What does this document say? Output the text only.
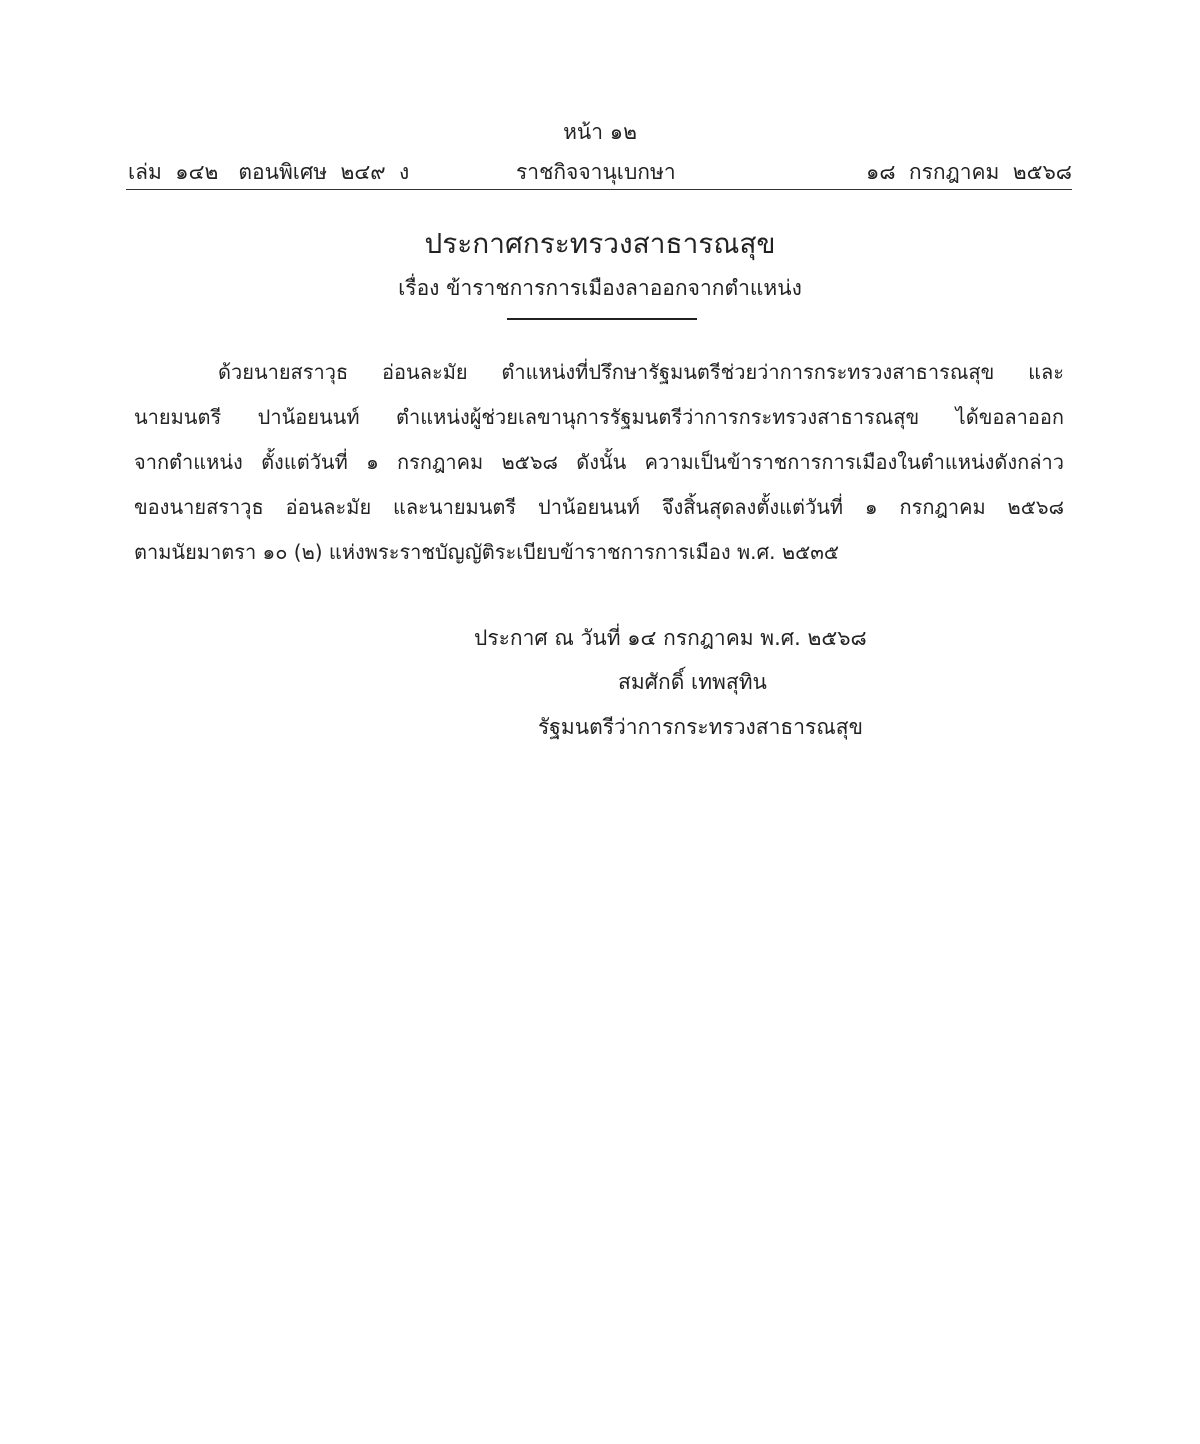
หน้า ๑๒
เล่ม  ๑๔๒   ตอนพิเศษ  ๒๔๙  ง	ราชกิจจานุเบกษา	๑๘  กรกฎาคม  ๒๕๖๘
ประกาศกระทรวงสาธารณสุข
เรื่อง ข้าราชการการเมืองลาออกจากตำแหน่ง
ด้วยนายสราวุธ อ่อนละมัย ตำแหน่งที่ปรึกษารัฐมนตรีช่วยว่าการกระทรวงสาธารณสุข และ
นายมนตรี ปาน้อยนนท์ ตำแหน่งผู้ช่วยเลขานุการรัฐมนตรีว่าการกระทรวงสาธารณสุข ได้ขอลาออก
จากตำแหน่ง ตั้งแต่วันที่ ๑ กรกฎาคม ๒๕๖๘ ดังนั้น ความเป็นข้าราชการการเมืองในตำแหน่งดังกล่าว
ของนายสราวุธ อ่อนละมัย และนายมนตรี ปาน้อยนนท์ จึงสิ้นสุดลงตั้งแต่วันที่ ๑ กรกฎาคม ๒๕๖๘
ตามนัยมาตรา ๑๐ (๒) แห่งพระราชบัญญัติระเบียบข้าราชการการเมือง พ.ศ. ๒๕๓๕
ประกาศ ณ วันที่ ๑๔ กรกฎาคม พ.ศ. ๒๕๖๘
สมศักดิ์ เทพสุทิน
รัฐมนตรีว่าการกระทรวงสาธารณสุข
